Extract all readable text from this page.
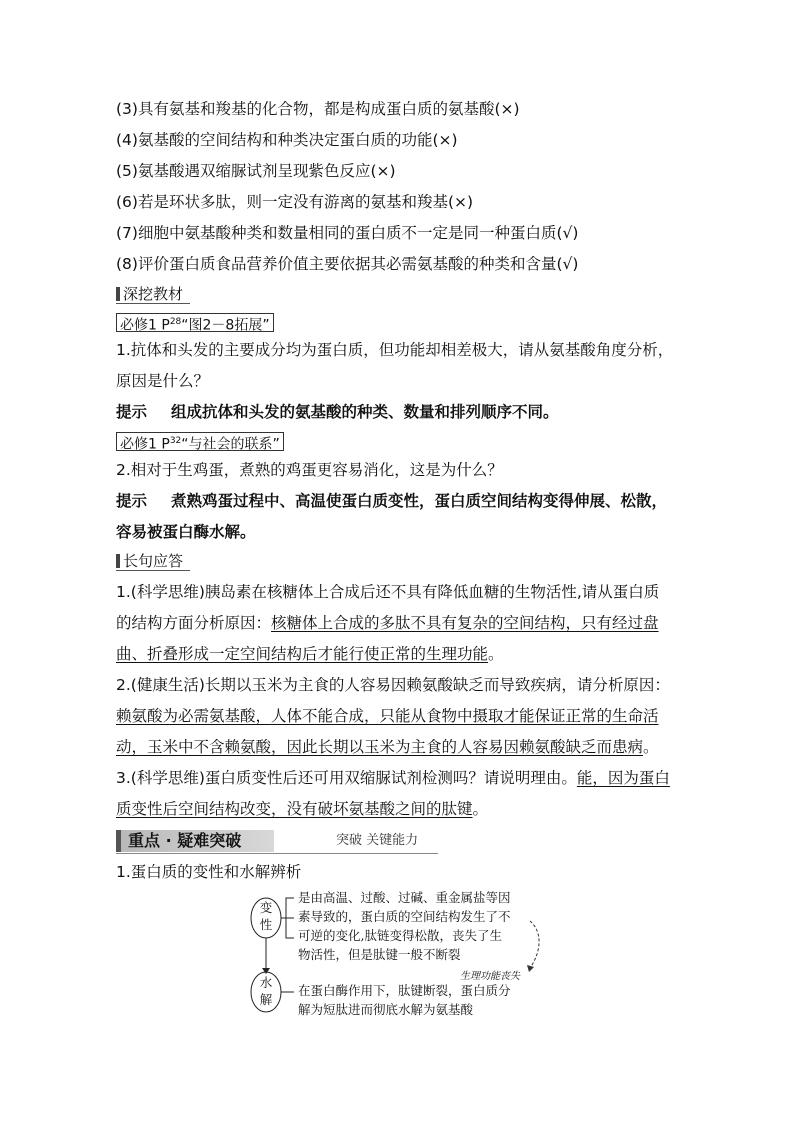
(3)具有氨基和羧基的化合物，都是构成蛋白质的氨基酸(×)
(4)氨基酸的空间结构和种类决定蛋白质的功能(×)
(5)氨基酸遇双缩脲试剂呈现紫色反应(×)
(6)若是环状多肽，则一定没有游离的氨基和羧基(×)
(7)细胞中氨基酸种类和数量相同的蛋白质不一定是同一种蛋白质(√)
(8)评价蛋白质食品营养价值主要依据其必需氨基酸的种类和含量(√)
深挖教材
必修1 $P^{28}“$图2－8拓展”
1.抗体和头发的主要成分均为蛋白质，但功能却相差极大，请从氨基酸角度分析，
原因是什么？
提示 组成抗体和头发的氨基酸的种类、数量和排列顺序不同。
必修1 $P^{32}“$与社会的联系”
2.相对于生鸡蛋，煮熟的鸡蛋更容易消化，这是为什么？
提示 煮熟鸡蛋过程中、高温使蛋白质变性，蛋白质空间结构变得伸展、松散，
容易被蛋白酶水解。
长句应答
1.(科学思维)胰岛素在核糖体上合成后还不具有降低血糖的生物活性,请从蛋白质
的结构方面分析原因：核糖体上合成的多肽不具有复杂的空间结构，只有经过盘
曲、折叠形成一定空间结构后才能行使正常的生理功能。
2.(健康生活)长期以玉米为主食的人容易因赖氨酸缺乏而导致疾病，请分析原因：
赖氨酸为必需氨基酸，人体不能合成，只能从食物中摄取才能保证正常的生命活
动，玉米中不含赖氨酸，因此长期以玉米为主食的人容易因赖氨酸缺乏而患病。
3.(科学思维)蛋白质变性后还可用双缩脲试剂检测吗？请说明理由。能，因为蛋白
质变性后空间结构改变，没有破坏氨基酸之间的肽键。
重点 · 疑难突破	突破 关键能力
1.蛋白质的变性和水解辨析
变
性
水
解
是由高温、过酸、过碱、重金属盐等因
素导致的，蛋白质的空间结构发生了不
可逆的变化,肽链变得松散，丧失了生
物活性，但是肽键一般不断裂
生理功能丧失
在蛋白酶作用下，肽键断裂，蛋白质分
解为短肽进而彻底水解为氨基酸
